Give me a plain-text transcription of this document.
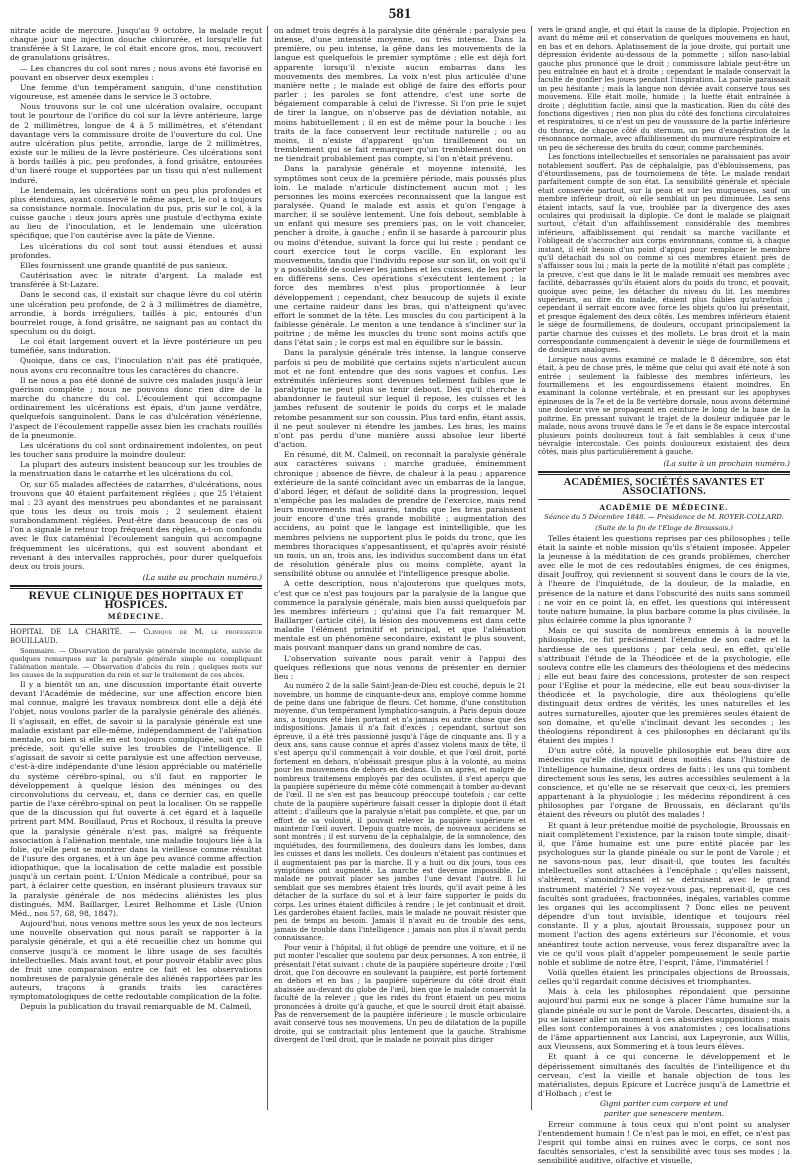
581

nitrate acide de mercure. Jusqu'au 9 octobre, la malade reçut chaque jour une injection douche chlorurée, et lorsqu'elle fut transférée à St Lazare, le col était encore gros, mou, recouvert de granulations grisâtres.

— Les chancres du col sont rares ; nous avons été favorisé en pouvant en observer deux exemples :

Une femme d'un tempérament sanguin, d'une constitution vigoureuse, est amenée dans le service le 3 octobre.

Nous trouvons sur le col une ulcération ovalaire, occupant tout le pourtour de l'orifice du col sur la lèvre antérieure, large de 2 millimètres, longue de 4 à 5 millimètres, et s'étendant davantage vers la commissure droite de l'ouverture du col. Une autre ulcération plus petite, arrondie, large de 2 millimètres, existe sur le milieu de la lèvre postérieure. Ces ulcérations sont à bords taillés à pic, peu profondes, à fond grisâtre, entourées d'un liseré rouge et supportées par un tissu qui n'est nullement induré.

Le lendemain, les ulcérations sont un peu plus profondes et plus étendues, ayant conservé le même aspect, le col a toujours sa consistance normale. Inoculation du pus, pris sur le col, à la cuisse gauche : deux jours après une pustule d'ecthyma existe au lieu de l'inoculation, et le lendemain une ulcération spécifique, que l'on cautérise avec la pâte de Vienne.

Les ulcérations du col sont tout aussi étendues et aussi profondes.

Elles fournissent une grande quantité de pus sanieux.

Cautérisation avec le nitrate d'argent. La malade est transférée à St-Lazare.

Dans le second cas, il existait sur chaque lèvre du col utérin une ulcération peu profonde, de 2 à 3 millimètres de diamètre, arrondie, à bords irréguliers, taillés à pic, entourés d'un bourrelet rouge, à fond grisâtre, ne saignant pas au contact du speculum ou du doigt.

Le col était largement ouvert et la lèvre postérieure un peu tuméfiée, sans induration.

Quoique, dans ce cas, l'inoculation n'ait pas été pratiquée, nous avons cru reconnaître tous les caractères du chancre.

Il ne nous a pas été donné de suivre ces malades jusqu'à leur guérison complète ; nous ne pouvons donc rien dire de la marche du chancre du col. L'écoulement qui accompagne ordinairement les ulcérations est épais, d'un jaune verdâtre, quelquefois sanguinolent. Dans le cas d'ulcération vénérienne, l'aspect de l'écoulement rappelle assez bien les crachats rouillés de la pneumonie.

Les ulcérations du col sont ordinairement indolentes, on peut les toucher sans produire la moindre douleur.

La plupart des auteurs insistent beaucoup sur les troubles de la menstruation dans le catarrhe et les ulcérations du col.

Or, sur 65 malades affectées de catarrhes, d'ulcérations, nous trouvons que 40 étaient parfaitement réglées ; que 25 l'étaient mal : 23 ayant des menstrues peu abondantes et ne paraissant que tous les deux ou trois mois ; 2 seulement étaient surabondamment réglées. Peut-être dans beaucoup de cas où l'on a signalé le retour trop fréquent des règles, a-t-on confondu avec le flux cataménial l'écoulement sanguin qui accompagne fréquemment les ulcérations, qui est souvent abondant et revenant à des intervalles rapprochés, pour durer quelquefois deux ou trois jours.

(La suite au prochain numéro.)

REVUE CLINIQUE DES HOPITAUX ET HOSPICES.

MÉDECINE.

HOPITAL DE LA CHARITÉ. — Clinique de M. le professeur BOUILLAUD.

Sommaire. — Observation de paralysie générale incomplète, suivie de quelques remarques sur la paralysie générale simple ou compliquant l'aliénation mentale. — Observation d'abcès du rein ; quelques mots sur les causes de la suppuration du rein et sur le traitement de ces abcès.

Il y a bientôt un an, une discussion importante était ouverte devant l'Académie de médecine, sur une affection encore bien mal connue, malgré les travaux nombreux dont elle a déjà été l'objet, nous voulons parler de la paralysie générale des aliénés. Il s'agissait, en effet, de savoir si la paralysie générale est une maladie existant par elle-même, indépendamment de l'aliénation mentale, ou bien si elle en est toujours compliquée, soit qu'elle précède, soit qu'elle suive les troubles de l'intelligence. Il s'agissait de savoir si cette paralysie est une affection nerveuse, c'est-à-dire indépendante d'une lésion appréciable ou matérielle du système cérébro-spinal, ou s'il faut en rapporter le développement à quelque lésion des méninges ou des circonvolutions du cerveau, et, dans ce dernier cas, en quelle partie de l'axe cérébro-spinal on peut la localiser. On se rappelle que de la discussion qui fut ouverte à cet égard et à laquelle prirent part MM. Bouillaud, Prus et Rochoux, il résulta la preuve que la paralysie générale n'est pas, malgré sa fréquente association à l'aliénation mentale, une maladie toujours liée à la folie, qu'elle peut se montrer dans la vieillesse comme résultat de l'usure des organes, et à un âge peu avancé comme affection idiopathique, que la localisation de cette maladie est possible jusqu'à un certain point. L'Union Médicale a contribué, pour sa part, à éclairer cette question, en insérant plusieurs travaux sur la paralysie générale de nos médecins aliénistes les plus distingués, MM. Baillarger, Leuret Belhomme et Lisle (Union Méd., nos 57, 68, 98, 1847).

Aujourd'hui, nous venons mettre sous les yeux de nos lecteurs une nouvelle observation qui nous paraît se rapporter à la paralysie générale, et qui a été recueillie chez un homme qui conserve jusqu'à ce moment le libre usage de ses facultés intellectuelles. Mais avant tout, et pour pouvoir établir avec plus de fruit une comparaison entre ce fait et les observations nombreuses de paralysie générale des aliénés rapportées par les auteurs, traçons à grands traits les caractères symptomatologiques de cette redoutable complication de la folie.

Depuis la publication du travail remarquable de M. Calmeil,

on admet trois degrés à la paralysie dite générale : paralysie peu intense, d'une intensité moyenne, ou très intense. Dans la première, ou peu intense, la gêne dans les mouvements de la langue est quelquefois le premier symptôme ; elle est déjà fort apparente lorsqu'il n'existe aucun embarras dans les mouvements des membres. La voix n'est plus articulée d'une manière nette ; le malade est obligé de faire des efforts pour parler ; les paroles se font attendre, c'est une sorte de bégaiement comparable à celui de l'ivresse. Si l'on prie le sujet de tirer la langue, on n'observe pas de déviation notable, au moins habituellement ; il en est de même pour la bouche : les traits de la face conservent leur rectitude naturelle ; ou au moins, il n'existe d'apparent qu'un tiraillement ou un tremblement qui se fait remarquer qu'un tremblement dont on ne tiendrait probablement pas compte, si l'on n'était prévenu.

Dans la paralysie générale et moyenne intensité, les symptômes sont ceux de la première période, mais poussés plus loin. Le malade n'articule distinctement aucun mot ; les personnes les moins exercées reconnaissent que la langue est paralysée. Quand le malade est assis et qu'on l'engage à marcher, il se soulève lentement. Une fois debout, semblable à un enfant qui mesure ses premiers pas, on le voit chanceler, pencher à droite, à gauche ; enfin il se hasarde à parcourir plus ou moins d'étendue, suivant la force qui lui reste ; pendant ce court exercice tout le corps vacille. En explorant les mouvements, tandis que l'individu repose sur son lit, on voit qu'il y a possibilité de soulever les jambes et les cuisses, de les porter en différens sens. Ces opérations s'exécutent lentement ; la force des membres n'est plus proportionnée à leur développement ; cependant, chez beaucoup de sujets il existe une certaine raideur dans les bras, qui n'atteignent qu'avec effort le sommet de la tête. Les muscles du cou participent à la faiblesse générale. Le menton a une tendance à s'incliner sur la poitrine ; de même les muscles du tronc sont moins actifs que dans l'état sain ; le corps est mal en équilibre sur le bassin.

Dans la paralysie générale très intense, la langue conserve parfois si peu de mobilité que certains sujets n'articulent aucun mot et ne font entendre que des sons vagues et confus. Les extrémités inférieures sont devenues tellement faibles que le paralytique ne peut plus se tenir debout. Dès qu'il cherche à abandonner le fauteuil sur lequel il repose, les cuisses et les jambes refusent de soutenir le poids du corps et le malade retombe pesamment sur son coussin. Plus tard enfin, étant assis, il ne peut soulever ni étendre les jambes. Les bras, les mains n'ont pas perdu d'une manière aussi absolue leur liberté d'action.

En résumé, dit M. Calmeil, on reconnaît la paralysie générale aux caractères suivans : marche graduée, éminemment chronique ; absence de fièvre, de chaleur à la peau ; apparence extérieure de la santé coïncidant avec un embarras de la langue, d'abord léger, et défaut de solidité dans la progression, lequel n'empêche pas les malades de prendre de l'exercice, mais rend leurs mouvements mal assurés, tandis que les bras paraissent jouir encore d'une très grande mobilité ; augmentation des accidens, au point que le langage est inintelligible, que les membres pelviens ne supportent plus le poids du tronc, que les membres thoraciques s'appesantissent, et qu'après avoir résisté un mois, un an, trois ans, les individus succombent dans un état de résolution générale plus ou moins complète, ayant la sensibilité obtuse ou annulée et l'intelligence presque abolie.

A cette description, nous n'ajouterons que quelques mots, c'est que ce n'est pas toujours par la paralysie de la langue que commence la paralysie générale, mais bien aussi quelquefois par les membres inférieurs ; qu'ainsi que l'a fait remarquer M. Baillarger (article cité), la lésion des mouvemens est dans cette maladie l'élément primitif et principal, et que l'aliénation mentale est un phénomène secondaire, existant le plus souvent, mais pouvant manquer dans un grand nombre de cas.

L'observation suivante nous paraît venir à l'appui des quelques réflexions que nous venons de présenter en dernier lieu :

Au numéro 2 de la salle Saint-Jean-de-Dieu est couché, depuis le 21 novembre, un homme de cinquante-deux ans, employé comme homme de peine dans une fabrique de fleurs. Cet homme, d'une constitution moyenne, d'un tempérament lymphatico-sanguin, à Paris depuis douze ans, a toujours été bien portant et n'a jamais eu autre chose que des indispositions. Jamais il n'a fait d'excès ; cependant, surtout son épreuve, il a été très passionné jusqu'à l'âge de cinquante ans. Il y a deux ans, sans cause connue et après d'assez violens maux de tête, il s'est aperçu qu'il commençait à voir double, et que l'œil droit, porté fortement en dehors, n'obéissait presque plus à la volonté, au moins pour les mouvemens de dehors en dedans. Un an après, et malgré de nombreux traitemens employés par des oculistes, il s'est aperçu que la paupière supérieure du même côté commençait à tomber au-devant de l'œil. Il ne s'en est pas beaucoup préoccupé toutefois ; car cette chute de la paupière supérieure faisait cesser la diplopie dont il était atteint ; d'ailleurs que la paralysie n'était pas complète, et que, par un effort de sa volonté, il pouvait relever la paupière supérieure et maintenir l'œil ouvert. Depuis quatre mois, de nouveaux accidens se sont montrés ; il est survenu de la céphalalgie, de la somnolence, des inquiétudes, des fourmillemens, des douleurs dans les lombes, dans les cuisses et dans les mollets. Ces douleurs n'étaient pas continues et il augmentaient pas par la marche. Il y a huit ou dix jours, tous ces symptômes ont augmenté. La marche est devenue impossible. Le malade ne pouvait placer ses jambes l'une devant l'autre. Il lui semblait que ses membres étaient très lourds, qu'il avait peine à les détacher de la surface du sol et à leur faire supporter le poids du corps. Les urines étaient difficiles à rendre ; le jet continuait et droit. Les garderobes étaient faciles, mais le malade ne pouvait résister que peu de temps au besoin. Jamais il n'avait eu de trouble des sens, jamais de trouble dans l'intelligence ; jamais non plus il n'avait perdu connaissance.

Pour venir à l'hôpital, il fut obligé de prendre une voiture, et il ne put monter l'escalier que soutenu par deux personnes. A son entrée, il présentait l'état suivant : chute de la paupière supérieure droite ; l'œil droit, que l'on découvre en soulevant la paupière, est porté fortement en dehors et en bas ; la paupière supérieure du côté droit était abaissée au-devant du globe de l'œil, bien que le malade conservât la faculté de la relever ; que les rides du front étaient un peu moins prononcées à droite qu'à gauche, et que le sourcil droit était abaissé. Pas de renversement de la paupière inférieure ; le muscle orbiculaire avait conservé tous ses mouvemens. Un peu de dilatation de la pupille droite, qui se contractait plus lentement que la gauche. Strabisme divergent de l'œil droit, que le malade ne pouvait plus diriger

vers le grand angle, et qui était la cause de la diplopie. Projection en avant du même œil et conservation de quelques mouvemens en haut, en bas et en dehors. Aplatissement de la joue droite, qui portait une dépression évidente au-dessous de la pommette ; sillon naso-labial gauche plus prononcé que le droit ; commissure labiale peut-être un peu entraînée en haut et à droite ; cependant le malade conservait la faculté de gonfler les joues pendant l'inspiration. La parole paraissait un peu hésitante ; mais la langue non déviée avait conservé tous ses mouvemens. Elle était molle, humide ; la luette était entraînée à droite ; déglutition facile, ainsi que la mastication. Rien du côté des fonctions digestives ; rien non plus du côté des fonctions circulatoires et respiratoires, si ce n'est un peu de vousssure de la partie inférieure du thorax, de chaque côté du sternum, un peu d'exagération de la résonnance normale, avec affaiblissement du murmure respiratoire et un peu de sécheresse des bruits du cœur, comme parcheminés.

Les fonctions intellectuelles et sensoriales ne paraissaient pas avoir notablement souffert. Pas de céphalalgie, pas d'éblouissemens, pas d'étourdissemens, pas de tournoiemens de tête. Le malade rendait parfaitement compte de son état. La sensibilité générale et spéciale était conservée partout, sur la peau et sur les muqueuses, sauf un membre inférieur droit, où elle semblait un peu diminuée. Les sens étaient intacts, sauf la vue, troublée par la divergence des axes oculaires qui produisait la diplopie. Ce dont le malade se plaignait surtout, c'était d'un affaiblissement considérable des membres inférieurs, affaiblissement qui rendait sa marche vacillante et l'obligeait de s'accrocher aux corps environnans, comme si, à chaque instant, il eût besoin d'un point d'appui pour remplacer le membre qu'il détachait du sol ou comme si ces membres étaient près de s'affaisser sous lui ; mais la perte de la motilité n'était pas complète ; la preuve, c'est que dans le lit le malade remuait ses membres avec facilité, débarrassés qu'ils étaient alors du poids du tronc, et pouvait, quoique avec peine, les détacher du niveau du lit. Les membres supérieurs, au dire du malade, étaient plus faibles qu'autrefois ; cependant il serrait encore avec force les objets qu'on lui présentait, et presque également des deux côtés. Les membres inférieurs étaient le siège de fourmillemens, de douleurs, occupant principalement la partie charnue des cuisses et des mollets. Le bras droit et la main correspondante commençaient à devenir le siège de fourmillemens et de douleurs analogues.

Lorsque nous avons examiné ce malade le 8 décembre, son état était, à peu de chose près, le même que celui qui avait été noté à son entrée ; seulement la faiblesse des membres inférieurs, les fourmillemens et les engourdissemens étaient moindres. En examinant la colonne vertébrale, et en pressant sur les apophyses épineuses de la 7e et de la 8e vertèbre dorsale, nous avons déterminé une douleur vive se propageant en ceinture le long de la base de la poitrine. En pressant suivant le trajet de la douleur indiquée par le malade, nous avons trouvé dans le 7e et dans le 8e espace intercostal plusieurs points douloureux tout à fait semblables à ceux d'une névralgie intercostale. Ces points douloureux existaient des deux côtés, mais plus particulièrement à gauche.

(La suite à un prochain numéro.)

ACADÉMIES, SOCIÉTÉS SAVANTES ET ASSOCIATIONS.

ACADÉMIE DE MÉDECINE.

Séance du 5 Décembre 1848. — Présidence de M. ROYER-COLLARD.

(Suite de la fin de l'Eloge de Broussais.)

Telles étaient les questions reprises par ces philosophes ; telle était la sainte et noble mission qu'ils s'étaient imposée. Appeler la jeunesse à la méditation de ces grands problèmes, chercher avec elle le mot de ces redoutables énigmes, de ces énigmes, disait Jouffroy, qui reviennent si souvent dans le cours de la vie, à l'heure de l'inquiétude, de la douleur, de la maladie, en présence de la nature et dans l'obscurité des nuits sans sommeil : ne voir en ce point là, en effet, les questions qui intéressent toute nature humaine, la plus barbare comme la plus civilisée, la plus éclairée comme la plus ignorante ?

Mais ce qui suscita de nombreux ennemis à la nouvelle philosophie, ce fut précisément l'étendue de son cadre et la hardiesse de ses questions ; par cela seul, en effet, qu'elle s'attribuait l'étude de la Théodicée et de la psychologie, elle souleva contre elle les clameurs des théologiens et des médecins ; elle eut beau faire des concessions, protester de son respect pour l'Eglise et pour la médecine, elle eut beau sous-diviser la théodicée et la psychologie, dire aux théologiens qu'elle distinguait deux ordres de vérités, les unes naturelles et les autres surnaturelles, ajouter que les premières seules étaient de son domaine, et qu'elle s'inclinait devant les secondes ; les théologiens répondirent à ces philosophes en déclarant qu'ils étaient des impies !

D'un autre côté, la nouvelle philosophie eut beau dire aux médecins qu'elle distinguait deux moitiés dans l'histoire de l'intelligence humaine, deux ordres de faits : les uns qui tombent directement sous les sens, les autres accessibles seulement à la conscience, et qu'elle ne se réservait que ceux-ci, les premiers appartenant à la physiologie ; les médecins répondirent à ces philosophes par l'organe de Broussais, en déclarant qu'ils étaient des rêveurs ou plutôt des malades !

Et quant à leur prétendue moitié de psychologie, Broussais en niait complètement l'existence, par la raison toute simple, disait-il, que l'âme humaine est une pure entité placée par les psychologues sur la glande pinéale ou sur le pont de Varole ; et ne savons-nous pas, leur disait-il, que toutes les facultés intellectuelles sont attachées à l'encéphale ; qu'elles naissent, s'altèrent, s'amoindrissent et se détruisent avec le grand instrument matériel ? Ne voyez-vous pas, reprenait-il, que ces facultés sont graduées, fractionnées, inégales, variables comme les organes qui les accomplissent ? Donc elles ne peuvent dépendre d'un tout invisible, identique et toujours réel constante. Il y a plus, ajoutait Broussais, supposez pour un moment l'action des agens extérieurs sur l'économie, et vous anéantirez toute action nerveuse, vous ferez disparaître avec la vie ce qu'il vous plaît d'appeler pompeusement le seule partie noble et sublime de notre être, l'esprit, l'âme, l'immatériel !

Voilà quelles étaient les principales objections de Broussais, celles qu'il regardait comme décisives et triomphantes.

Mais à cela les philosophes répondaient que personne aujourd'hui parmi eux ne songe à placer l'âme humaine sur la glande pinéale ou sur le pont de Varole. Descartes, disaient-ils, a pu se laisser aller un moment à ces absurdes suppositions ; mais elles sont contemporaines à vos anatomistes ; ces localisations de l'âme appartiennent aux Lancisi, aux Lapeyronie, aux Willis, aux Vieussens, aux Sommering et à tous leurs élèves.

Et quant à ce qui concerne le développement et le dépérissement simultanés des facultés de l'intelligence et du cerveau, c'est la vieille et banale objection de tous les matérialistes, depuis Epicure et Lucrèce jusqu'à de Lamettrie et d'Holbach ; c'est le

Gigni pariter cum corpore et und

pariter que senescere mentem.

Erreur commune à tous ceux qui n'ont point su analyser l'entendement humain ! Ce n'est pas le moi, en effet, ce n'est pas l'esprit qui tombe ainsi en ruines avec le corps, ce sont nos facultés sensoriales, c'est la sensibilité avec tous ses modes ; la sensibilité auditive, olfactive et visuelle,
